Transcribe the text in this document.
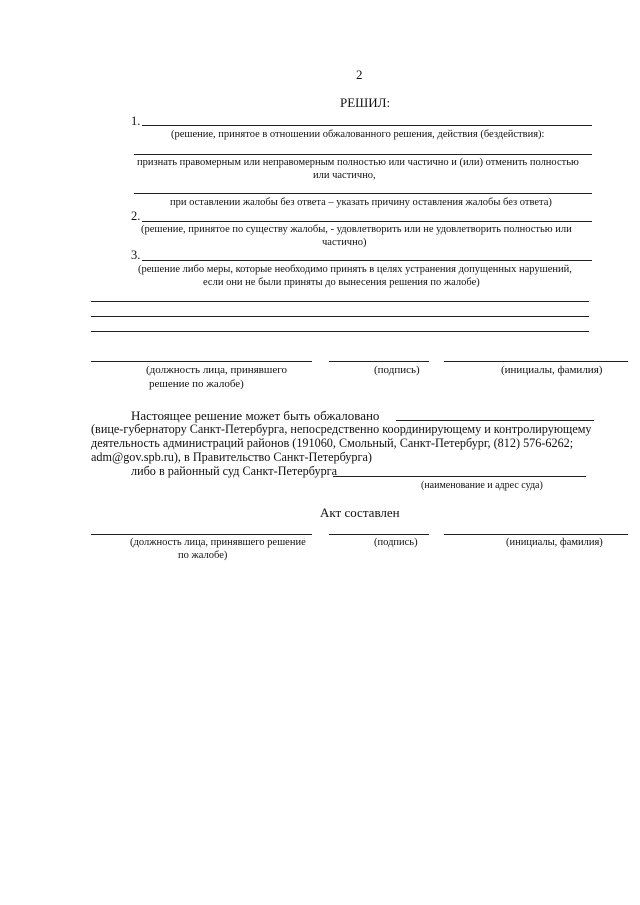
2
РЕШИЛ:
1.
(решение, принятое в отношении обжалованного решения, действия (бездействия):
признать правомерным или неправомерным полностью или частично и (или) отменить полностью
или частично,
при оставлении жалобы без ответа – указать причину оставления жалобы без ответа)
2.
(решение, принятое по существу жалобы, - удовлетворить или не удовлетворить полностью или
частично)
3.
(решение либо меры, которые необходимо принять в целях устранения допущенных нарушений,
если они не были приняты до вынесения решения по жалобе)
(должность лица, принявшего
решение по жалобе)
(подпись)	(инициалы, фамилия)
Настоящее решение может быть обжаловано
(вице-губернатору Санкт-Петербурга, непосредственно координирующему и контролирующему
деятельность администраций районов (191060, Смольный, Санкт-Петербург, (812) 576-6262;
adm@gov.spb.ru), в Правительство Санкт-Петербурга)
либо в районный суд Санкт-Петербурга
(наименование и адрес суда)
Акт составлен
(должность лица, принявшего решение
по жалобе)
(подпись)	(инициалы, фамилия)
